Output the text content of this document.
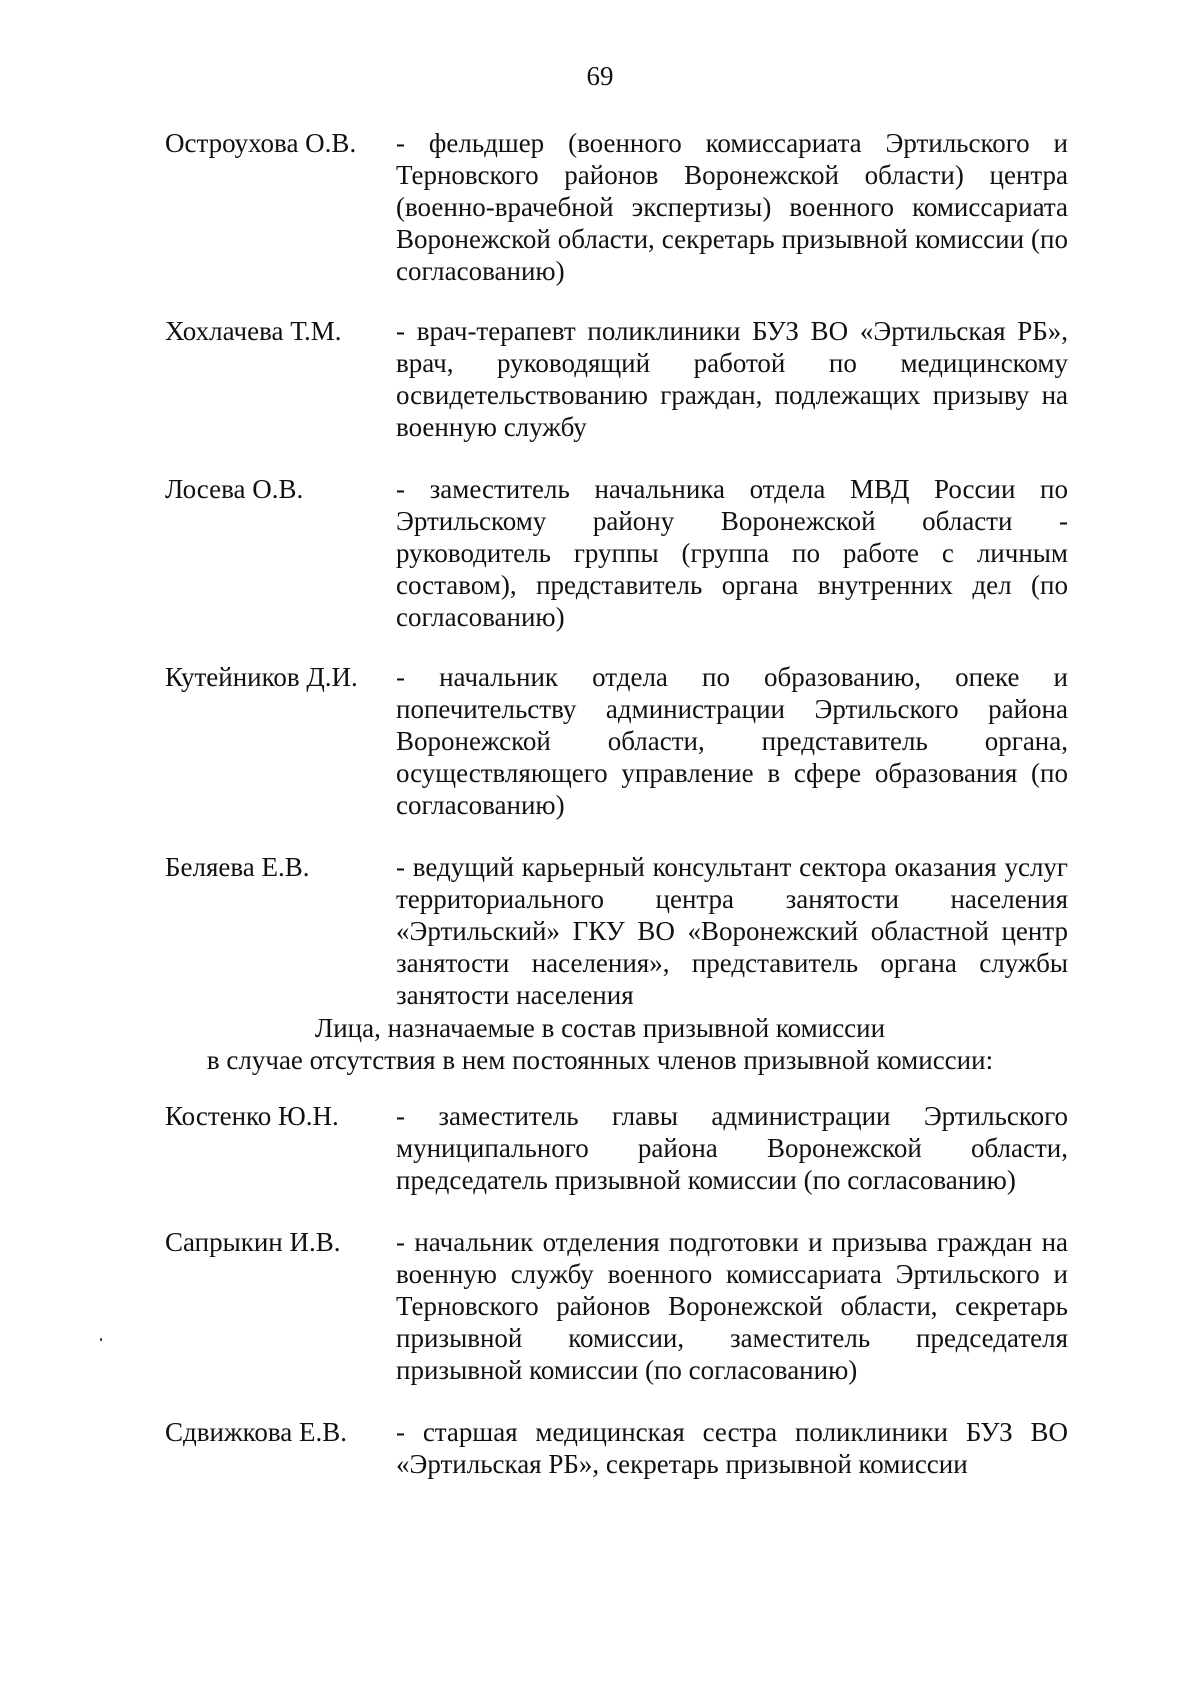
69
Остроухова О.В. - фельдшер (военного комиссариата Эртильского и Терновского районов Воронежской области) центра (военно-врачебной экспертизы) военного комиссариата Воронежской области, секретарь призывной комиссии (по согласованию)
Хохлачева Т.М. - врач-терапевт поликлиники БУЗ ВО «Эртильская РБ», врач, руководящий работой по медицинскому освидетельствованию граждан, подлежащих призыву на военную службу
Лосева О.В.	- заместитель начальника отдела МВД России по Эртильскому району Воронежской области - руководитель группы (группа по работе с личным составом), представитель органа внутренних дел (по согласованию)
Кутейников Д.И. - начальник отдела по образованию, опеке и попечительству администрации Эртильского района Воронежской области, представитель органа, осуществляющего управление в сфере образования (по согласованию)
Беляева Е.В.	- ведущий карьерный консультант сектора оказания услуг территориального центра занятости населения «Эртильский» ГКУ ВО «Воронежский областной центр занятости населения», представитель органа службы занятости населения
Лица, назначаемые в состав призывной комиссии
в случае отсутствия в нем постоянных членов призывной комиссии:
Костенко Ю.Н. - заместитель главы администрации Эртильского муниципального района Воронежской области, председатель призывной комиссии (по согласованию)
Сапрыкин И.В. - начальник отделения подготовки и призыва граждан на военную службу военного комиссариата Эртильского и Терновского районов Воронежской области, секретарь призывной комиссии, заместитель председателя призывной комиссии (по согласованию)
Сдвижкова Е.В. - старшая медицинская сестра поликлиники БУЗ ВО «Эртильская РБ», секретарь призывной комиссии
